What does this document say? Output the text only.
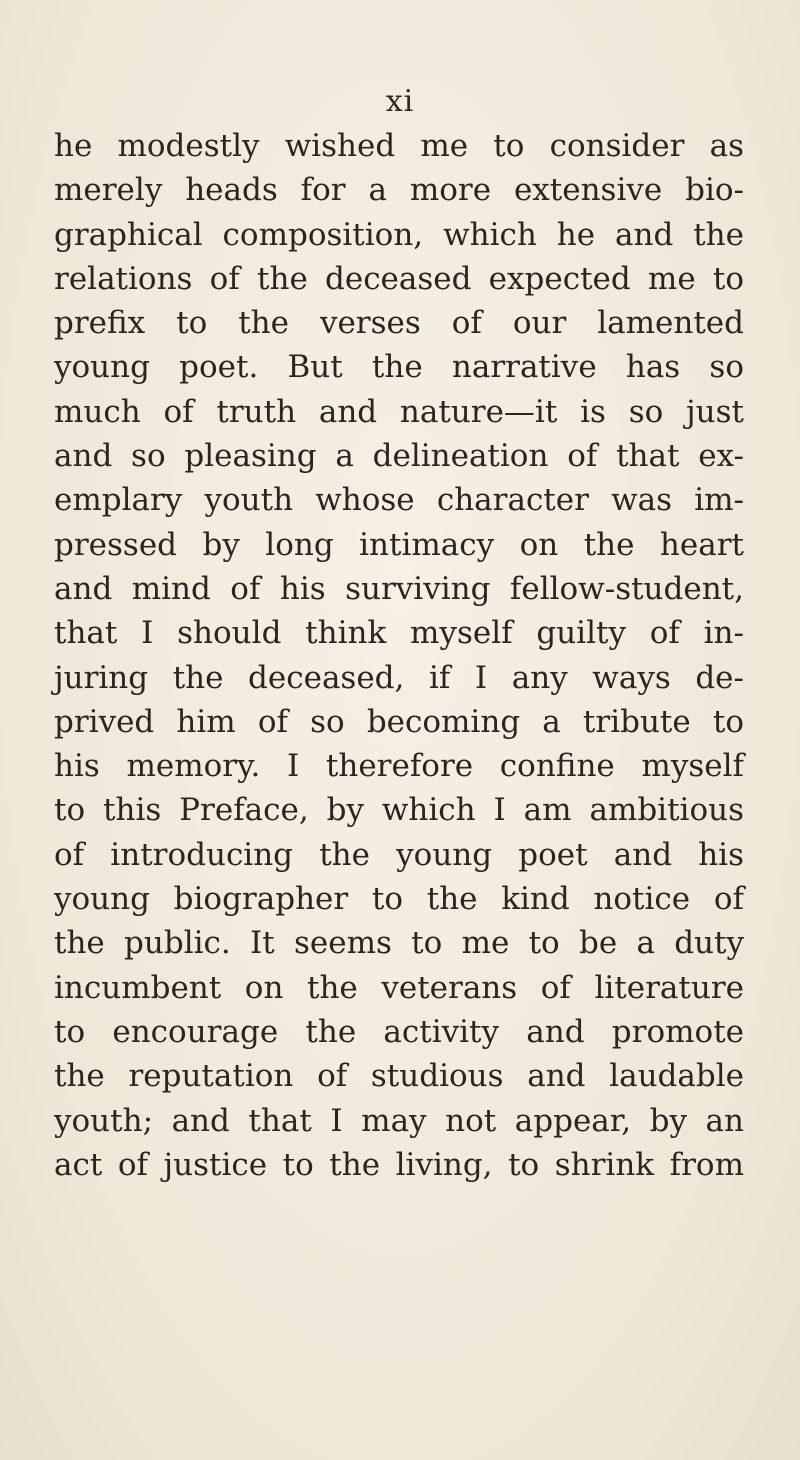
xi
he modestly wished me to consider as
merely heads for a more extensive bio-
graphical composition, which he and the
relations of the deceased expected me to
prefix to the verses of our lamented
young poet. But the narrative has so
much of truth and nature—it is so just
and so pleasing a delineation of that ex-
emplary youth whose character was im-
pressed by long intimacy on the heart
and mind of his surviving fellow-student,
that I should think myself guilty of in-
juring the deceased, if I any ways de-
prived him of so becoming a tribute to
his memory. I therefore confine myself
to this Preface, by which I am ambitious
of introducing the young poet and his
young biographer to the kind notice of
the public. It seems to me to be a duty
incumbent on the veterans of literature
to encourage the activity and promote
the reputation of studious and laudable
youth; and that I may not appear, by an
act of justice to the living, to shrink from
